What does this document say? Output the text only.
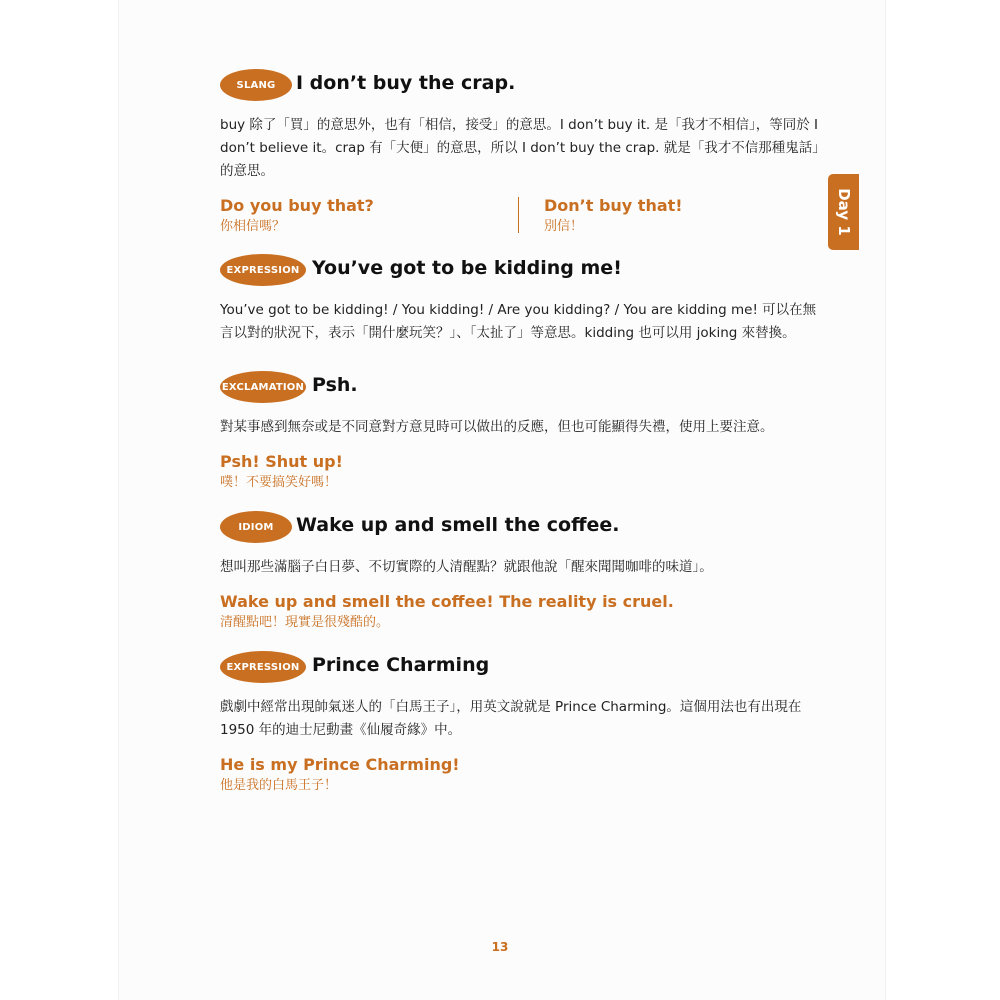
Day 1
SLANG	I don’t buy the crap.

buy 除了「買」的意思外，也有「相信，接受」的意思。I don’t buy it. 是「我才不相信」，等同於 I don’t believe it。crap 有「大便」的意思，所以 I don’t buy the crap. 就是「我才不信那種鬼話」的意思。

Do you buy that?
你相信嗎？
Don’t buy that!
別信！
EXPRESSION You’ve got to be kidding me!

You’ve got to be kidding! / You kidding! / Are you kidding? / You are kidding me! 可以在無言以對的狀況下，表示「開什麼玩笑？」、「太扯了」等意思。kidding 也可以用 joking 來替換。

EXCLAMATION Psh.

對某事感到無奈或是不同意對方意見時可以做出的反應，但也可能顯得失禮，使用上要注意。

Psh! Shut up!
噗！不要搞笑好嗎！
IDIOM	Wake up and smell the coffee.

想叫那些滿腦子白日夢、不切實際的人清醒點？就跟他說「醒來聞聞咖啡的味道」。

Wake up and smell the coffee! The reality is cruel.
清醒點吧！現實是很殘酷的。
EXPRESSION Prince Charming

戲劇中經常出現帥氣迷人的「白馬王子」，用英文說就是 Prince Charming。這個用法也有出現在 1950 年的迪士尼動畫《仙履奇緣》中。

He is my Prince Charming!
他是我的白馬王子！
13
